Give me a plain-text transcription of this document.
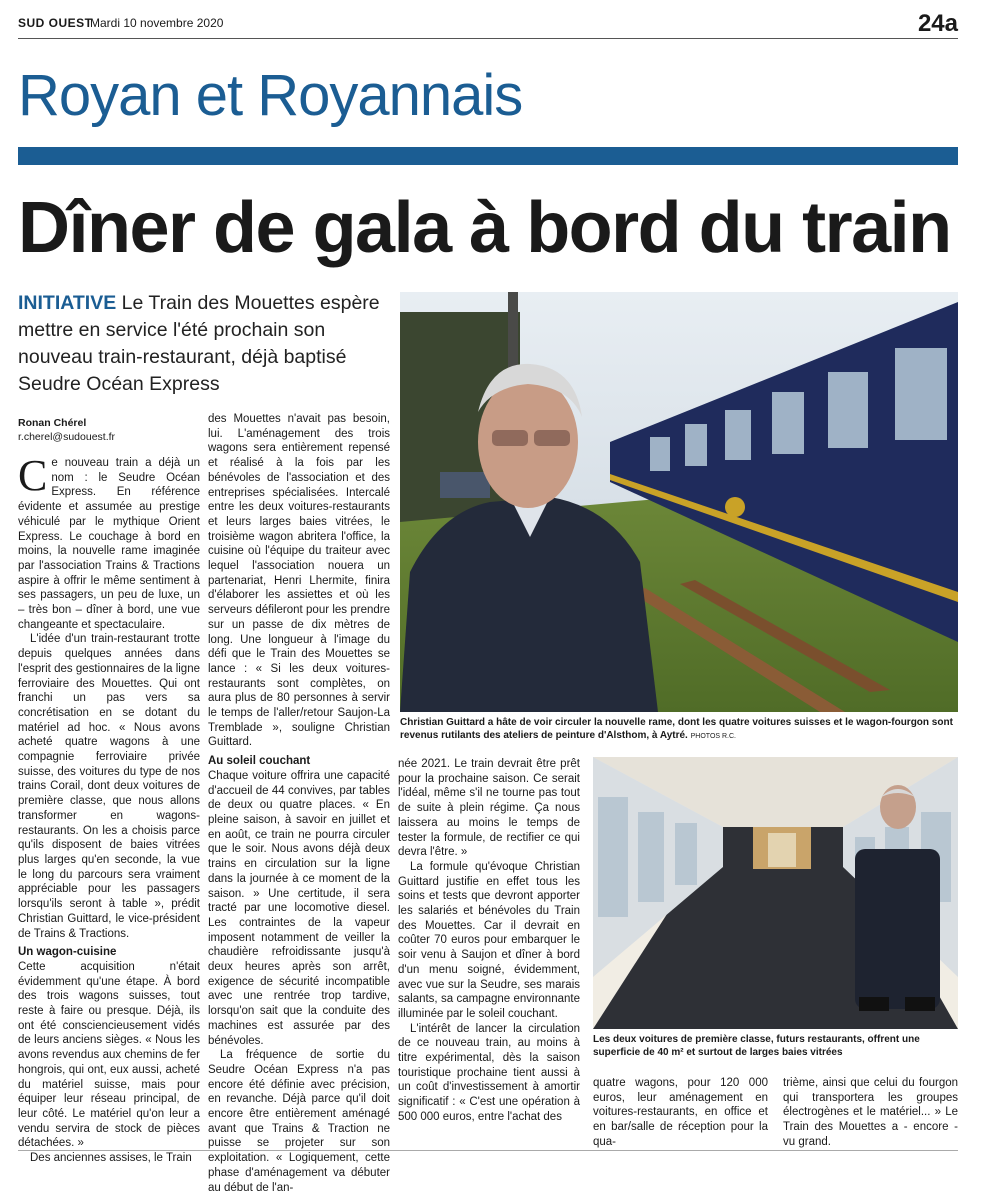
SUD OUEST
Mardi 10 novembre 2020	24a
Royan et Royannais
Dîner de gala à bord du train
INITIATIVE Le Train des Mouettes espère mettre en service l'été prochain son nouveau train-restaurant, déjà baptisé Seudre Océan Express
Ronan Chérel
r.cherel@sudouest.fr

Ce nouveau train a déjà un nom : le Seudre Océan Express. En référence évidente et assumée au prestige véhiculé par le mythique Orient Express. Le couchage à bord en moins, la nouvelle rame imaginée par l'association Trains & Tractions aspire à offrir le même sentiment à ses passagers, un peu de luxe, un – très bon – dîner à bord, une vue changeante et spectaculaire.

L'idée d'un train-restaurant trotte depuis quelques années dans l'esprit des gestionnaires de la ligne ferroviaire des Mouettes. Qui ont franchi un pas vers sa concrétisation en se dotant du matériel ad hoc. « Nous avons acheté quatre wagons à une compagnie ferroviaire privée suisse, des voitures du type de nos trains Corail, dont deux voitures de première classe, que nous allons transformer en wagons-restaurants. On les a choisis parce qu'ils disposent de baies vitrées plus larges qu'en seconde, la vue le long du parcours sera vraiment appréciable pour les passagers lorsqu'ils seront à table », prédit Christian Guittard, le vice-président de Trains & Tractions.

Un wagon-cuisine

Cette acquisition n'était évidemment qu'une étape. À bord des trois wagons suisses, tout reste à faire ou presque. Déjà, ils ont été consciencieusement vidés de leurs anciens sièges. « Nous les avons revendus aux chemins de fer hongrois, qui ont, eux aussi, acheté du matériel suisse, mais pour équiper leur réseau principal, de leur côté. Le matériel qu'on leur a vendu servira de stock de pièces détachées. »

Des anciennes assises, le Train

des Mouettes n'avait pas besoin, lui. L'aménagement des trois wagons sera entièrement repensé et réalisé à la fois par les bénévoles de l'association et des entreprises spécialisées. Intercalé entre les deux voitures-restaurants et leurs larges baies vitrées, le troisième wagon abritera l'office, la cuisine où l'équipe du traiteur avec lequel l'association nouera un partenariat, Henri Lhermite, finira d'élaborer les assiettes et où les serveurs défileront pour les prendre sur un passe de dix mètres de long. Une longueur à l'image du défi que le Train des Mouettes se lance : « Si les deux voitures-restaurants sont complètes, on aura plus de 80 personnes à servir le temps de l'aller/retour Saujon-La Tremblade », souligne Christian Guittard.

Au soleil couchant

Chaque voiture offrira une capacité d'accueil de 44 convives, par tables de deux ou quatre places. « En pleine saison, à savoir en juillet et en août, ce train ne pourra circuler que le soir. Nous avons déjà deux trains en circulation sur la ligne dans la journée à ce moment de la saison. » Une certitude, il sera tracté par une locomotive diesel. Les contraintes de la vapeur imposent notamment de veiller la chaudière refroidissante jusqu'à deux heures après son arrêt, exigence de sécurité incompatible avec une rentrée trop tardive, lorsqu'on sait que la conduite des machines est assurée par des bénévoles.

La fréquence de sortie du Seudre Océan Express n'a pas encore été définie avec précision, en revanche. Déjà parce qu'il doit encore être entièrement aménagé avant que Trains & Traction ne puisse se projeter sur son exploitation. « Logiquement, cette phase d'aménagement va débuter au début de l'an-

Christian Guittard a hâte de voir circuler la nouvelle rame, dont les quatre voitures suisses et le wagon-fourgon sont revenus rutilants des ateliers de peinture d'Alsthom, à Aytré. PHOTOS R.C.

née 2021. Le train devrait être prêt pour la prochaine saison. Ce serait l'idéal, même s'il ne tourne pas tout de suite à plein régime. Ça nous laissera au moins le temps de tester la formule, de rectifier ce qui devra l'être. »

La formule qu'évoque Christian Guittard justifie en effet tous les soins et tests que devront apporter les salariés et bénévoles du Train des Mouettes. Car il devrait en coûter 70 euros pour embarquer le soir venu à Saujon et dîner à bord d'un menu soigné, évidemment, avec vue sur la Seudre, ses marais salants, sa campagne environnante illuminée par le soleil couchant.

L'intérêt de lancer la circulation de ce nouveau train, au moins à titre expérimental, dès la saison touristique prochaine tient aussi à un coût d'investissement à amortir significatif : « C'est une opération à 500 000 euros, entre l'achat des

Les deux voitures de première classe, futurs restaurants, offrent une superficie de 40 m² et surtout de larges baies vitrées

quatre wagons, pour 120 000 euros, leur aménagement en voitures-restaurants, en office et en bar/salle de réception pour la qua-

trième, ainsi que celui du fourgon qui transportera les groupes électrogènes et le matériel... » Le Train des Mouettes a - encore - vu grand.
